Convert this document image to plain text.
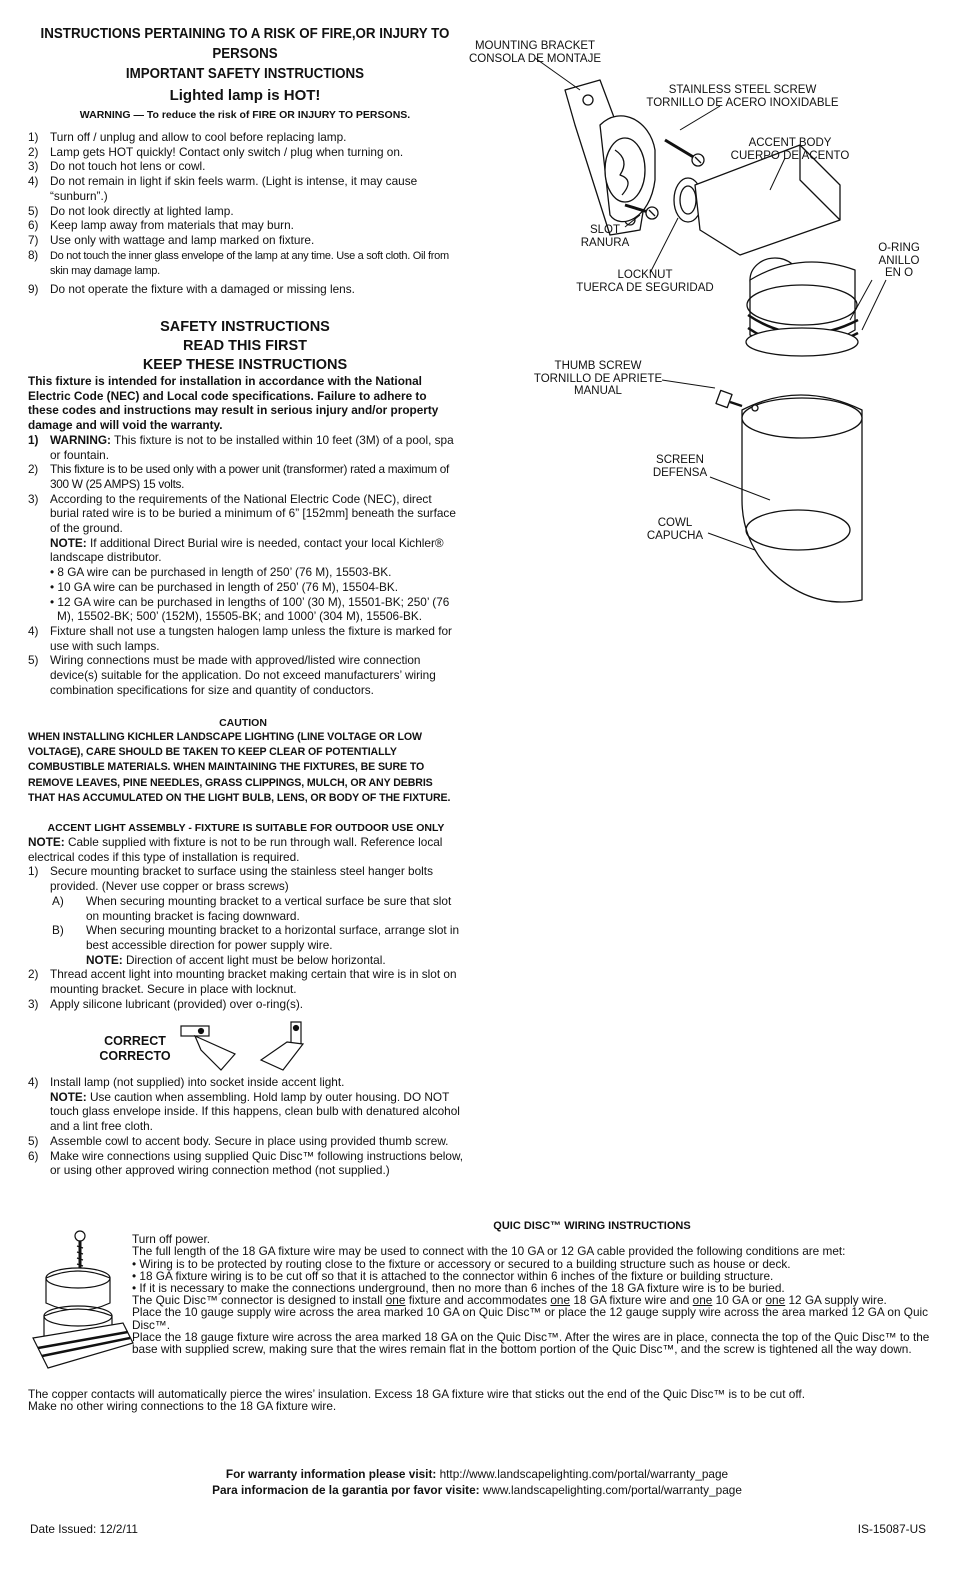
INSTRUCTIONS PERTAINING TO A RISK OF FIRE,OR INJURY TO
PERSONS
IMPORTANT SAFETY INSTRUCTIONS
Lighted lamp is HOT!
WARNING — To reduce the risk of FIRE OR INJURY TO PERSONS.
1) Turn off / unplug and allow to cool before replacing lamp.
2) Lamp gets HOT quickly! Contact only switch / plug when turning on.
3) Do not touch hot lens or cowl.
4) Do not remain in light if skin feels warm. (Light is intense, it may cause “sunburn”.)
5) Do not look directly at lighted lamp.
6) Keep lamp away from materials that may burn.
7) Use only with wattage and lamp marked on fixture.
8) Do not touch the inner glass envelope of the lamp at any time. Use a soft cloth. Oil from skin may damage lamp.
9) Do not operate the fixture with a damaged or missing lens.
SAFETY INSTRUCTIONS
READ THIS FIRST
KEEP THESE INSTRUCTIONS
This fixture is intended for installation in accordance with the National Electric Code (NEC) and Local code specifications. Failure to adhere to these codes and instructions may result in serious injury and/or property damage and will void the warranty.
1) WARNING: This fixture is not to be installed within 10 feet (3M) of a pool, spa or fountain.
2) This fixture is to be used only with a power unit (transformer) rated a maximum of 300 W (25 AMPS) 15 volts.
3) According to the requirements of the National Electric Code (NEC), direct burial rated wire is to be buried a minimum of 6” [152mm] beneath the surface of the ground.
NOTE: If additional Direct Burial wire is needed, contact your local Kichler® landscape distributor.
• 8 GA wire can be purchased in length of 250’ (76 M), 15503-BK.
• 10 GA wire can be purchased in length of 250’ (76 M), 15504-BK.
• 12 GA wire can be purchased in lengths of 100’ (30 M), 15501-BK; 250’ (76 M), 15502-BK; 500’ (152M), 15505-BK; and 1000’ (304 M), 15506-BK.
4) Fixture shall not use a tungsten halogen lamp unless the fixture is marked for use with such lamps.
5) Wiring connections must be made with approved/listed wire connection device(s) suitable for the application. Do not exceed manufacturers’ wiring combination specifications for size and quantity of conductors.
CAUTION
WHEN INSTALLING KICHLER LANDSCAPE LIGHTING (LINE VOLTAGE OR LOW VOLTAGE), CARE SHOULD BE TAKEN TO KEEP CLEAR OF POTENTIALLY COMBUSTIBLE MATERIALS. WHEN MAINTAINING THE FIXTURES, BE SURE TO REMOVE LEAVES, PINE NEEDLES, GRASS CLIPPINGS, MULCH, OR ANY DEBRIS THAT HAS ACCUMULATED ON THE LIGHT BULB, LENS, OR BODY OF THE FIXTURE.
ACCENT LIGHT ASSEMBLY - FIXTURE IS SUITABLE FOR OUTDOOR USE ONLY
NOTE: Cable supplied with fixture is not to be run through wall. Reference local electrical codes if this type of installation is required.
1) Secure mounting bracket to surface using the stainless steel hanger bolts provided. (Never use copper or brass screws)
A) When securing mounting bracket to a vertical surface be sure that slot on mounting bracket is facing downward.
B) When securing mounting bracket to a horizontal surface, arrange slot in best accessible direction for power supply wire.
NOTE: Direction of accent light must be below horizontal.
2) Thread accent light into mounting bracket making certain that wire is in slot on mounting bracket. Secure in place with locknut.
3) Apply silicone lubricant (provided) over o-ring(s).
CORRECT
CORRECTO
4) Install lamp (not supplied) into socket inside accent light.
NOTE: Use caution when assembling. Hold lamp by outer housing. DO NOT touch glass envelope inside. If this happens, clean bulb with denatured alcohol and a lint free cloth.
5) Assemble cowl to accent body. Secure in place using provided thumb screw.
6) Make wire connections using supplied Quic Disc™ following instructions below, or using other approved wiring connection method (not supplied.)
MOUNTING BRACKET
CONSOLA DE MONTAJE
STAINLESS STEEL SCREW
TORNILLO DE ACERO INOXIDABLE
ACCENT BODY
CUERPO DE ACENTO
SLOT
RANURA	O-RING
ANILLO
EN O
LOCKNUT
TUERCA DE SEGURIDAD
THUMB SCREW
TORNILLO DE APRIETE
MANUAL
SCREEN
DEFENSA
COWL
CAPUCHA
QUIC DISC™ WIRING INSTRUCTIONS
Turn off power.
The full length of the 18 GA fixture wire may be used to connect with the 10 GA or 12 GA cable provided the following conditions are met:
• Wiring is to be protected by routing close to the fixture or accessory or secured to a building structure such as house or deck.
• 18 GA fixture wiring is to be cut off so that it is attached to the connector within 6 inches of the fixture or building structure.
• If it is necessary to make the connections underground, then no more than 6 inches of the 18 GA fixture wire is to be buried.
The Quic Disc™ connector is designed to install one fixture and accommodates one 18 GA fixture wire and one 10 GA or one 12 GA supply wire.
Place the 10 gauge supply wire across the area marked 10 GA on Quic Disc™ or place the 12 gauge supply wire across the area marked 12 GA on Quic Disc™.
Place the 18 gauge fixture wire across the area marked 18 GA on the Quic Disc™. After the wires are in place, connecta the top of the Quic Disc™ to the base with supplied screw, making sure that the wires remain flat in the bottom portion of the Quic Disc™, and the screw is tightened all the way down.
The copper contacts will automatically pierce the wires’ insulation. Excess 18 GA fixture wire that sticks out the end of the Quic Disc™ is to be cut off.
Make no other wiring connections to the 18 GA fixture wire.
For warranty information please visit: http://www.landscapelighting.com/portal/warranty_page
Para informacion de la garantia por favor visite: www.landscapelighting.com/portal/warranty_page
Date Issued: 12/2/11	IS-15087-US
